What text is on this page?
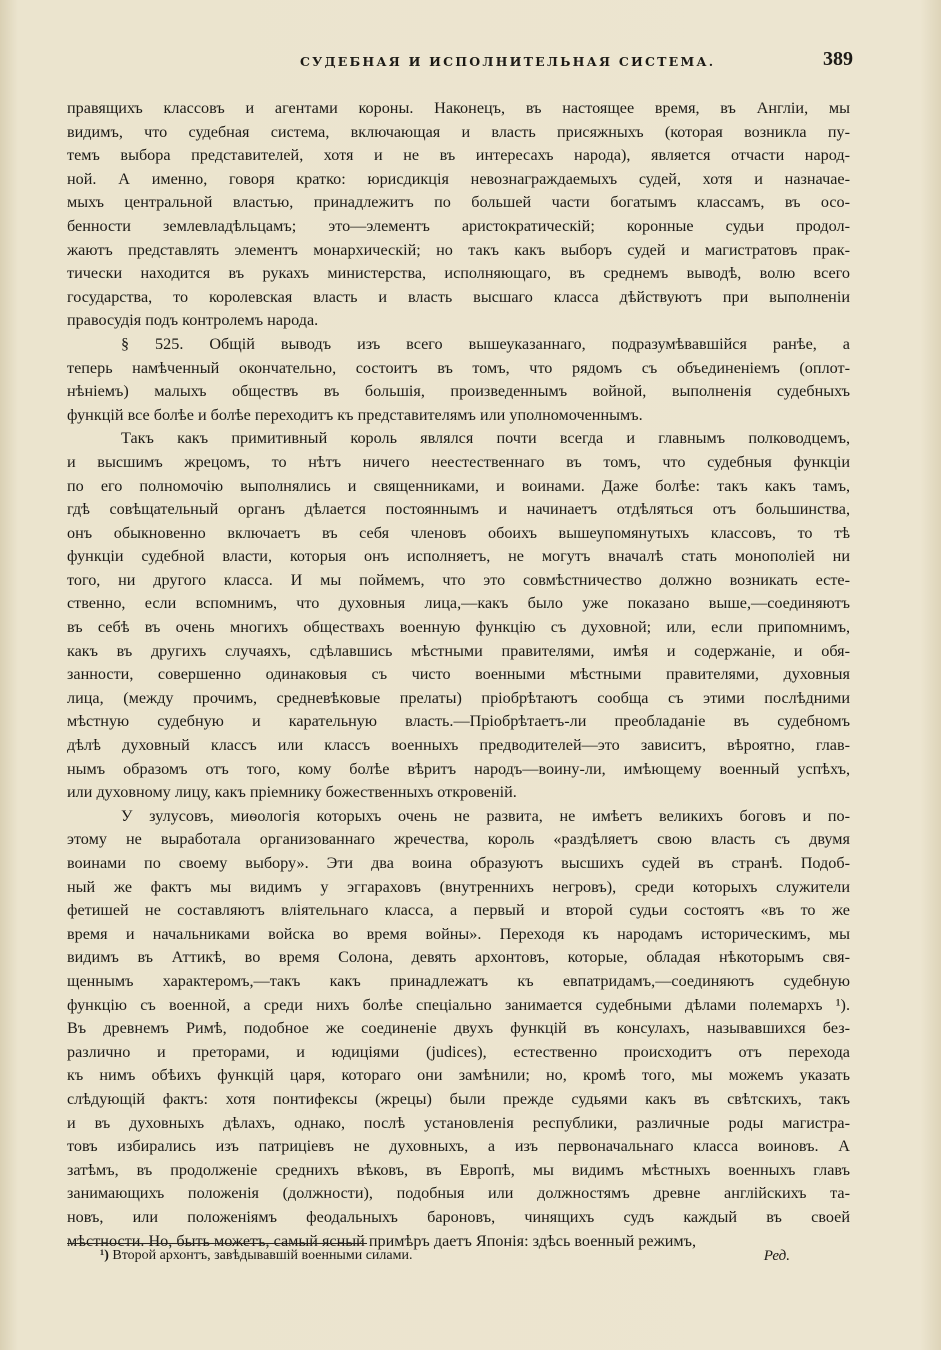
СУДЕБНАЯ И ИСПОЛНИТЕЛЬНАЯ СИСТЕМА.	389

правящихъ классовъ и агентами короны. Наконецъ, въ настоящее время, въ Англіи, мы
видимъ, что судебная система, включающая и власть присяжныхъ (которая возникла пу-
темъ выбора представителей, хотя и не въ интересахъ народа), является отчасти народ-
ной. А именно, говоря кратко: юрисдикція невознаграждаемыхъ судей, хотя и назначае-
мыхъ центральной властью, принадлежитъ по большей части богатымъ классамъ, въ осо-
бенности землевладѣльцамъ; это—элементъ аристократическій; коронные судьи продол-
жаютъ представлять элементъ монархическій; но такъ какъ выборъ судей и магистратовъ прак-
тически находится въ рукахъ министерства, исполняющаго, въ среднемъ выводѣ, волю всего
государства, то королевская власть и власть высшаго класса дѣйствуютъ при выполненіи
правосудія подъ контролемъ народа.

§ 525. Общій выводъ изъ всего вышеуказаннаго, подразумѣвавшійся ранѣе, а
теперь намѣченный окончательно, состоитъ въ томъ, что рядомъ съ объединеніемъ (оплот-
нѣніемъ) малыхъ обществъ въ большія, произведеннымъ войной, выполненія судебныхъ
функцій все болѣе и болѣе переходитъ къ представителямъ или уполномоченнымъ.

Такъ какъ примитивный король являлся почти всегда и главнымъ полководцемъ,
и высшимъ жрецомъ, то нѣтъ ничего неестественнаго въ томъ, что судебныя функціи
по его полномочію выполнялись и священниками, и воинами. Даже болѣе: такъ какъ тамъ,
гдѣ совѣщательный органъ дѣлается постояннымъ и начинаетъ отдѣляться отъ большинства,
онъ обыкновенно включаетъ въ себя членовъ обоихъ вышеупомянутыхъ классовъ, то тѣ
функціи судебной власти, которыя онъ исполняетъ, не могутъ вначалѣ стать монополіей ни
того, ни другого класса. И мы поймемъ, что это совмѣстничество должно возникать есте-
ственно, если вспомнимъ, что духовныя лица,—какъ было уже показано выше,—соединяютъ
въ себѣ въ очень многихъ обществахъ военную функцію съ духовной; или, если припомнимъ,
какъ въ другихъ случаяхъ, сдѣлавшись мѣстными правителями, имѣя и содержаніе, и обя-
занности, совершенно одинаковыя съ чисто военными мѣстными правителями, духовныя
лица, (между прочимъ, средневѣковые прелаты) пріобрѣтаютъ сообща съ этими послѣдними
мѣстную судебную и карательную власть.—Пріобрѣтаетъ-ли преобладаніе въ судебномъ
дѣлѣ духовный классъ или классъ военныхъ предводителей—это зависитъ, вѣроятно, глав-
нымъ образомъ отъ того, кому болѣе вѣритъ народъ—воину-ли, имѣющему военный успѣхъ,
или духовному лицу, какъ пріемнику божественныхъ откровеній.

У зулусовъ, миѳологія которыхъ очень не развита, не имѣетъ великихъ боговъ и по-
этому не выработала организованнаго жречества, король «раздѣляетъ свою власть съ двумя
воинами по своему выбору». Эти два воина образуютъ высшихъ судей въ странѣ. Подоб-
ный же фактъ мы видимъ у эггараховъ (внутреннихъ негровъ), среди которыхъ служители
фетишей не составляютъ вліятельнаго класса, а первый и второй судьи состоятъ «въ то же
время и начальниками войска во время войны». Переходя къ народамъ историческимъ, мы
видимъ въ Аттикѣ, во время Солона, девять архонтовъ, которые, обладая нѣкоторымъ свя-
щеннымъ характеромъ,—такъ какъ принадлежатъ къ евпатридамъ,—соединяютъ судебную
функцію съ военной, а среди нихъ болѣе спеціально занимается судебными дѣлами полемархъ ¹).
Въ древнемъ Римѣ, подобное же соединеніе двухъ функцій въ консулахъ, называвшихся без-
различно и преторами, и юдиціями (judices), естественно происходитъ отъ перехода
къ нимъ обѣихъ функцій царя, котораго они замѣнили; но, кромѣ того, мы можемъ указать
слѣдующій фактъ: хотя понтифексы (жрецы) были прежде судьями какъ въ свѣтскихъ, такъ
и въ духовныхъ дѣлахъ, однако, послѣ установленія республики, различные роды магистра-
товъ избирались изъ патриціевъ не духовныхъ, а изъ первоначальнаго класса воиновъ. А
затѣмъ, въ продолженіе среднихъ вѣковъ, въ Европѣ, мы видимъ мѣстныхъ военныхъ главъ
занимающихъ положенія (должности), подобныя или должностямъ древне англійскихъ та-
новъ, или положеніямъ феодальныхъ бароновъ, чинящихъ судъ каждый въ своей
мѣстности. Но, быть можетъ, самый ясный примѣръ даетъ Японія: здѣсь военный режимъ,

¹) Второй архонтъ, завѣдывавшій военными силами.	Ред.
